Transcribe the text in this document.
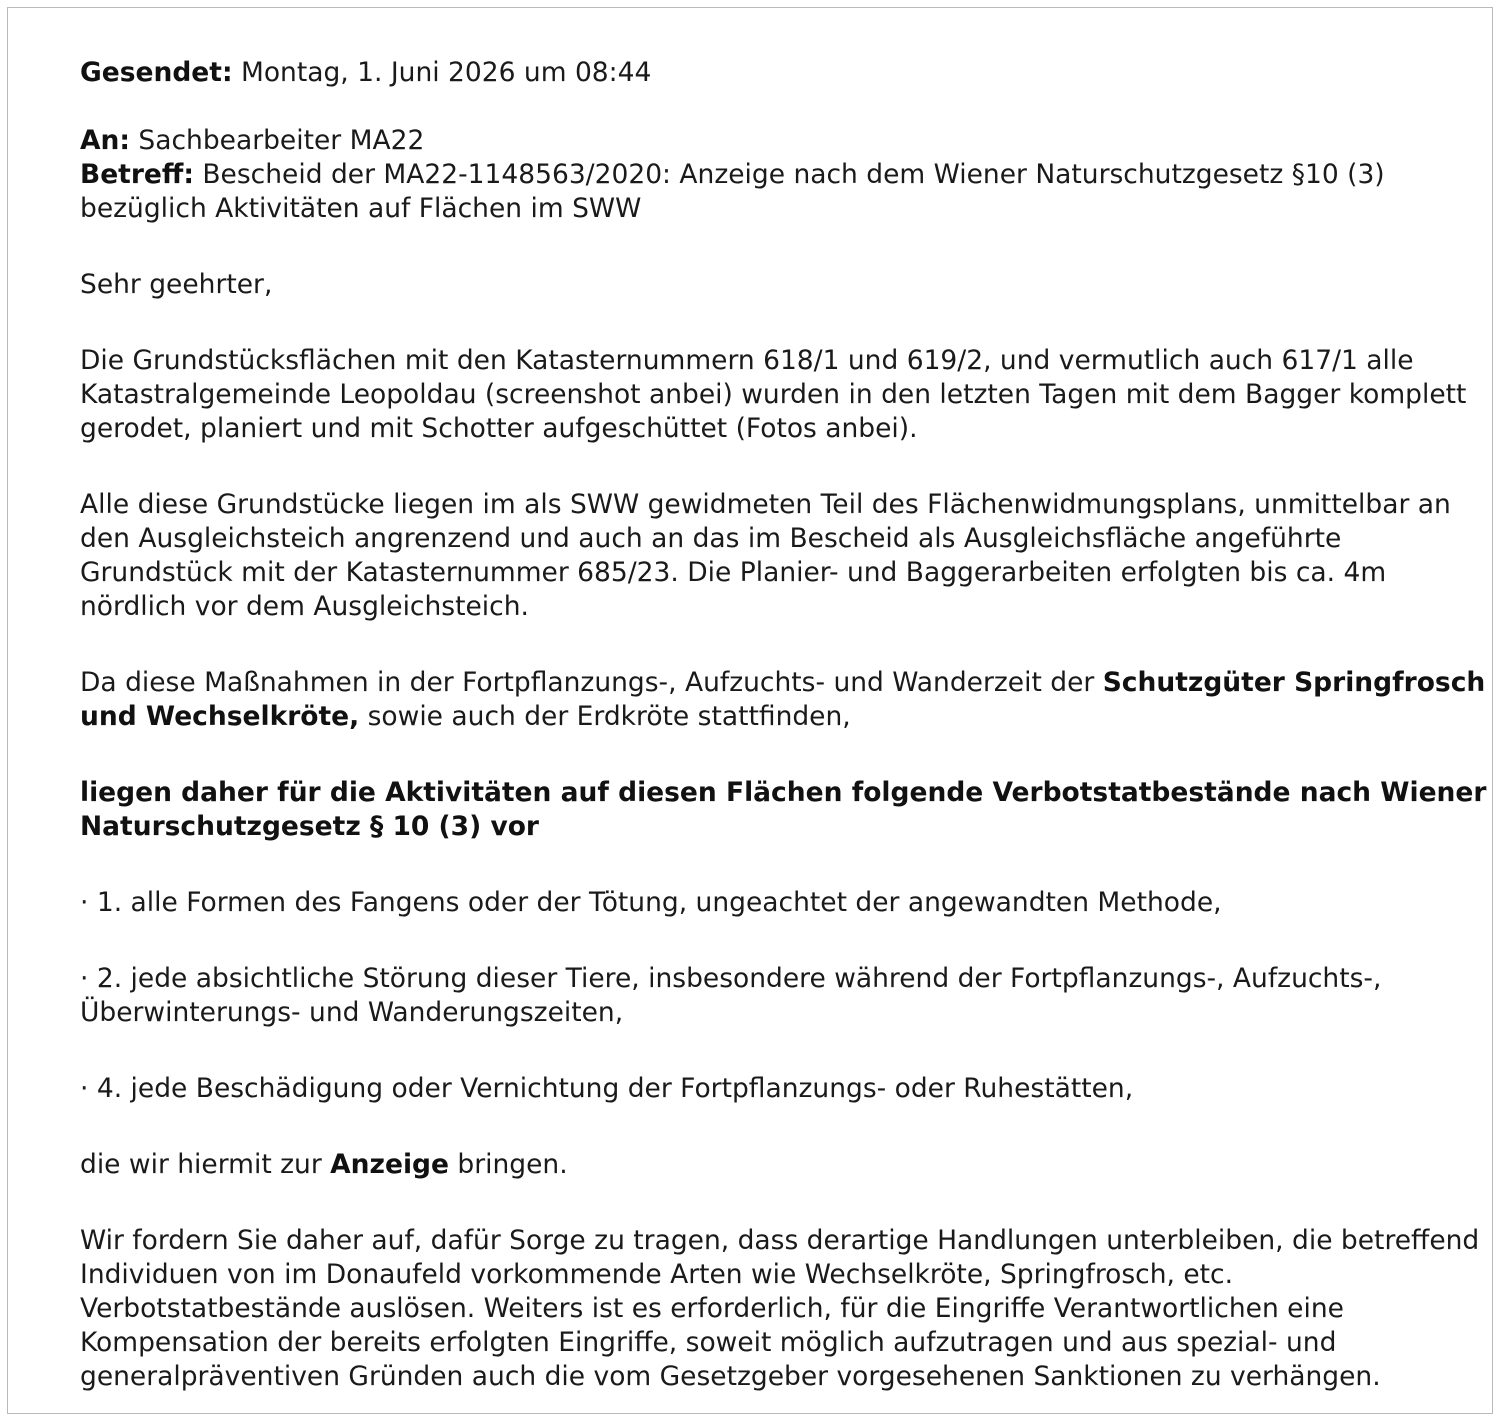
Gesendet: Montag, 1. Juni 2026 um 08:44

An: Sachbearbeiter MA22

Betreff: Bescheid der MA22-1148563/2020: Anzeige nach dem Wiener Naturschutzgesetz §10 (3) bezüglich Aktivitäten auf Flächen im SWW

Sehr geehrter,

Die Grundstücksflächen mit den Katasternummern 618/1 und 619/2, und vermutlich auch 617/1 alle Katastralgemeinde Leopoldau (screenshot anbei) wurden in den letzten Tagen mit dem Bagger komplett gerodet, planiert und mit Schotter aufgeschüttet (Fotos anbei).

Alle diese Grundstücke liegen im als SWW gewidmeten Teil des Flächenwidmungsplans, unmittelbar an den Ausgleichsteich angrenzend und auch an das im Bescheid als Ausgleichsfläche angeführte Grundstück mit der Katasternummer 685/23. Die Planier- und Baggerarbeiten erfolgten bis ca. 4m nördlich vor dem Ausgleichsteich.

Da diese Maßnahmen in der Fortpflanzungs-, Aufzuchts- und Wanderzeit der Schutzgüter Springfrosch und Wechselkröte, sowie auch der Erdkröte stattfinden,

liegen daher für die Aktivitäten auf diesen Flächen folgende Verbotstatbestände nach Wiener Naturschutzgesetz § 10 (3) vor

· 1. alle Formen des Fangens oder der Tötung, ungeachtet der angewandten Methode,

· 2. jede absichtliche Störung dieser Tiere, insbesondere während der Fortpflanzungs-, Aufzuchts-, Überwinterungs- und Wanderungszeiten,

· 4. jede Beschädigung oder Vernichtung der Fortpflanzungs- oder Ruhestätten,

die wir hiermit zur Anzeige bringen.

Wir fordern Sie daher auf, dafür Sorge zu tragen, dass derartige Handlungen unterbleiben, die betreffend Individuen von im Donaufeld vorkommende Arten wie Wechselkröte, Springfrosch, etc. Verbotstatbestände auslösen. Weiters ist es erforderlich, für die Eingriffe Verantwortlichen eine Kompensation der bereits erfolgten Eingriffe, soweit möglich aufzutragen und aus spezial- und generalpräventiven Gründen auch die vom Gesetzgeber vorgesehenen Sanktionen zu verhängen.
